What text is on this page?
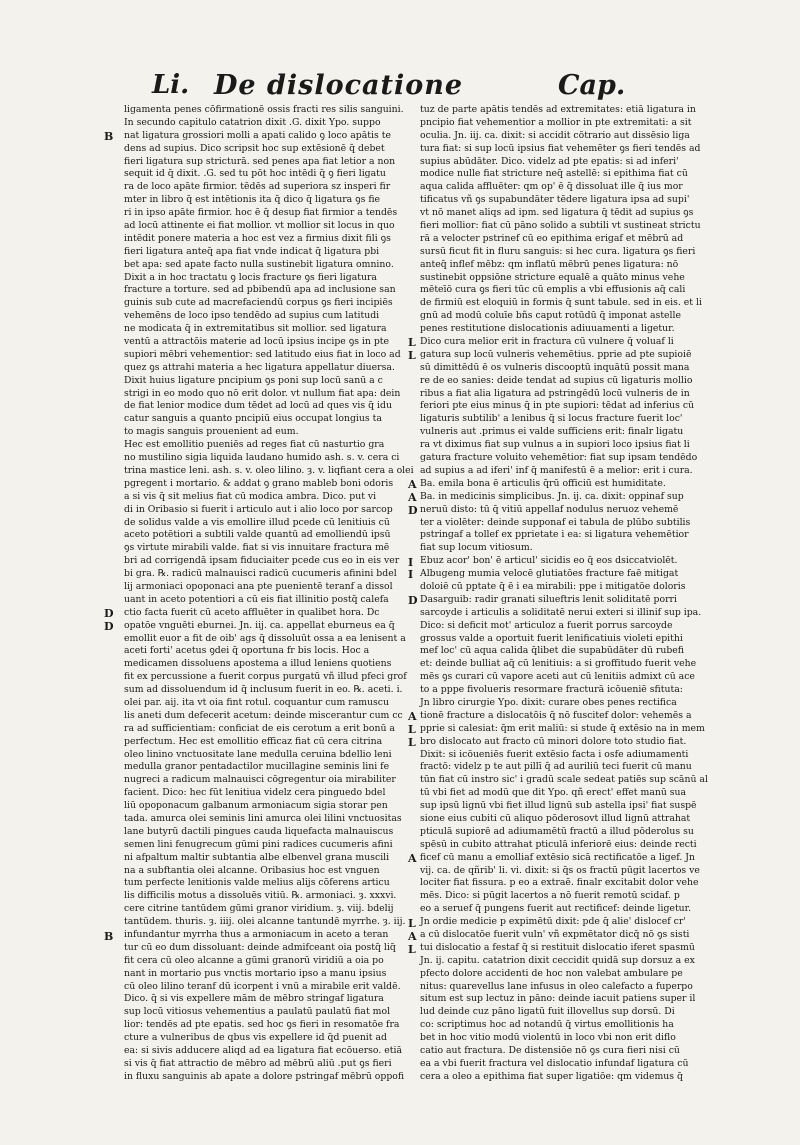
Li. De dislocatione	Cap.
ligamenta penes cōfirmationē ossis fracti res silis sanguini.
In secundo capitulo catatrion dixit .G. dixit Ypo. suppo
nat ligatura grossiori molli a apati calido ꝯ loco apātis te
dens ad supius. Dico scripsit hoc sup extēsionē q̄ debet
fieri ligatura sup stricturā. sed penes apa fiat letior a non
sequit id q̄ dixit. .G. sed tu pōt hoc intēdi q̄ ꝯ fieri ligatu
ra de loco apāte firmior. tēdēs ad superiora sz insperi fir
mter in libro q̄ est intētionis ita q̄ dico q̄ ligatura ꝯs fie
ri in ipso apāte firmior. hoc ē q̄ desup fiat firmior a tendēs
ad locū attinente ei fiat mollior. vt mollior sit locus in quo
intēdit ponere materia a hoc est vez a firmius dixit fili ꝯs
fieri ligatura anteq̄ apa fiat vnde indicat q̄ ligatura pbi
bet apa: sed apate facto nulla sustinebit ligatura omnino.
Dixit a in hoc tractatu ꝯ locis fracture ꝯs fieri ligatura
fracture a torture. sed ad pbibendū apa ad inclusione san
guinis sub cute ad macrefaciendū corpus ꝯs fieri incipiēs
vehemēns de loco ipso tendēdo ad supius cum latitudi
ne modicata q̄ in extremitatibus sit mollior. sed ligatura
ventū a attractōis materie ad locū ipsius incipe ꝯs in pte
supiori mēbri vehementior: sed latitudo eius fiat in loco ad
quez ꝯs attrahi materia a hec ligatura appellatur diuersa.
Dixit huius ligature pncipium ꝯs poni sup locū sanū a c
strigi in eo modo quo nō erit dolor. vt nullum fiat apa: dein
de fiat lenior modice dum tēdet ad locū ad ques vis q̄ idu
catur sanguis a quanto pncipiū eius occupat longius ta
to magis sanguis prouenient ad eum.
Hec est emollitio pueniēs ad reges fiat cū nasturtio gra
no mustilino sigia liquida laudano humido ash. s. v. cera ci
trina mastice leni. ash. s. v. oleo lilino. ȝ. v. liqfiant cera a olei
pgregent i mortario. & addat ꝯ grano mableb boni odoris
a si vis q̄ sit melius fiat cū modica ambra. Dico. put vi
di in Oribasio si fuerit i articulo aut i alio loco por sarcop
de solidus valde a vis emollire illud pcede cū lenitiuis cū
aceto potētiori a subtili valde quantū ad emolliendū ipsū
ꝯs virtute mirabili valde. fiat si vis innuitare fractura mē
bri ad corrigendā ipsam fiduciaiter pcede cus eo in eis ver
bi gra. ℞. radicū malnauisci radicū cucumeris afinini bdel
lij armoniaci opoponaci ana pte puenientē teranf a dissol
uant in aceto potentiori a cū eis fiat illinitio postq̄ calefa
ctio facta fuerit cū aceto affluēter in qualibet hora. Dc
opatōe vnguēti eburnei. Jn. iij. ca. appellat eburneus ea q̄
emollit euor a fit de oib' ags q̄ dissoluūt ossa a ea lenisent a
aceti forti' acetus ꝯdei q̄ oportuna fr bis locis. Hoc a
medicamen dissoluens apostema a illud leniens quotiens
fit ex percussione a fuerit corpus purgatū vñ illud pfeci grof
sum ad dissoluendum id q̄ inclusum fuerit in eo. ℞. aceti. i.
olei par. aij. ita vt oia fint rotul. coquantur cum ramuscu
lis aneti dum defecerit acetum: deinde miscerantur cum cc
ra ad sufficientiam: conficiat de eis cerotum a erit bonū a
perfectum. Hec est emollitio efficaz fiat cū cera citrina
oleo linino vnctuositate lane medulla ceruina bdellio leni
medulla granor pentadactilor mucillagine seminis lini fe
nugreci a radicum malnauisci cōgregentur oia mirabiliter
facient. Dico: hec fūt lenitiua videlz cera pinguedo bdel
liū opoponacum galbanum armoniacum sigia storar pen
tada. amurca olei seminis lini amurca olei lilini vnctuositas
lane butyrū dactili pingues cauda liquefacta malnauiscus
semen lini fenugrecum gūmi pini radices cucumeris afini
ni afpaltum maltir subtantia albe elbenvel grana muscili
na a subftantia olei alcanne. Oribasius hoc est vnguen
tum perfecte lenitionis valde melius alijs cōferens articu
lis difficilis motus a dissoluēs vitiū. ℞. armoniaci. ȝ. xxxvi.
cere citrine tantūdem gūmi granor viridium. ȝ. viij. bdelij
tantūdem. thuris. ȝ. iiij. olei alcanne tantundē myrrhe. ȝ. iij.
infundantur myrrha thus a armoniacum in aceto a teran
tur cū eo dum dissoluant: deinde admifceant oia postq̄ liq̄
fit cera cū oleo alcanne a gūmi granorū viridiū a oia po
nant in mortario pus vnctis mortario ipso a manu ipsius
cū oleo lilino teranf dū icorpent i vnū a mirabile erit valdē.
Dico. q̄ si vis expellere mām de mēbro stringaf ligatura
sup locū vitiosus vehementius a paulatū paulatū fiat mol
lior: tendēs ad pte epatis. sed hoc ꝯs fieri in resomatōe fra
cture a vulneribus de qbus vis expellere id q̄d puenit ad
ea: si sivis adducere aliqd ad ea ligatura fiat ecōuerso. etiā
si vis q̄ fiat attractio de mēbro ad mēbrū aliū .put ꝯs fieri
in fluxu sanguinis ab apate a dolore pstringaf mēbrū oppofi
tuz de parte apātis tendēs ad extremitates: etiā ligatura in
pncipio fiat vehementior a mollior in pte extremitati: a sit
oculia. Jn. iij. ca. dixit: si accidit cōtrario aut dissēsio liga
tura fiat: si sup locū ipsius fiat vehemēter ꝯs fieri tendēs ad
supius abūdāter. Dico. videlz ad pte epatis: si ad inferi'
modice nulle fiat stricture neq̄ astellē: si epithima fiat cū
aqua calida affluēter: qm op' ē q̄ dissoluat ille q̄ ius mor
tificatus vñ ꝯs supabundāter tēdere ligatura ipsa ad supi'
vt nō manet aliqs ad ipm. sed ligatura q̄ tēdit ad supius ꝯs
fieri mollior: fiat cū pāno solido a subtili vt sustineat strictu
rā a velocter pstrinef cū eo epithima erigaf et mēbrū ad
sursū ficut fit in fluru sanguis: si hec cura. ligatura ꝯs fieri
anteq̄ inflef mēbz: qm inflatū mēbrū penes ligatura: nō
sustinebit oppsiōne stricture equalē a quāto minus vehe
mēteīō cura ꝯs fieri tūc cū emplis a vbi effusionis aq̄ cali
de firmiū est eloquiū in formis q̄ sunt tabule. sed in eis. et li
gnū ad modū coluīe bñs caput rotūdū q̄ imponat astelle
penes restitutione dislocationis adiuuamenti a ligetur.
Dico cura melior erit in fractura cū vulnere q̄ voluaf li
gatura sup locū vulneris vehemētius. pprie ad pte supioiē
sū dimittēdū ē os vulneris discooptū inquātū possit mana
re de eo sanies: deide tendat ad supius cū ligaturis mollio
ribus a fiat alia ligatura ad pstringēdū locū vulneris de in
feriori pte eius minus q̄ in pte supiori: tēdat ad inferius cū
ligaturis subtilib' a lenibus q̄ si locus fracture fuerit loc'
vulneris aut .primus ei valde sufficiens erit: finalr ligatu
ra vt diximus fiat sup vulnus a in supiori loco ipsius fiat li
gatura fracture voluito vehemētior: fiat sup ipsam tendēdo
ad supius a ad iferi' inf q̄ manifestū ē a melior: erit i cura.
Ba. emila bona ē articulis q̄rū officiū est humiditate.
Ba. in medicinis simplicibus. Jn. ij. ca. dixit: oppinaf sup
neruū disto: tū q̄ vitiū appellaf nodulus neruoz vehemē
ter a violēter: deinde supponaf ei tabula de plūbo subtilis
pstringaf a tollef ex pprietate i ea: si ligatura vehemētior
fiat sup locum vitiosum.
Ebuz acor' bon' ē articul' sicidis eo q̄ eos dsiccatviolēt.
Albugeng mumia velocē glutiatōes fracture faē mitigat
doloiē cū pptate q̄ ē i ea mirabili: ppe i mitigatōe doloris
Dasarguib: radir granati silueftris lenit soliditatē porri
sarcoyde i articulis a soliditatē nerui exteri si illinif sup ipa.
Dico: si deficit mot' articuloz a fuerit porrus sarcoyde
grossus valde a oportuit fuerit lenificatiuis violeti epithi
mef loc' cū aqua calida q̄libet die supabūdāter dū rubefi
et: deinde bulliat aq̄ cū lenitiuis: a si groffitudo fuerit vehe
mēs ꝯs curari cū vapore aceti aut cū lenitiis admixt cū ace
to a pppe fivolueris resormare fracturā icōueniē sfituta:
Jn libro cirurgie Ypo. dixit: curare obes penes rectifica
tionē fracture a dislocatōis q̄ nō fuscitef dolor: vehemēs a
pprie si calesiat: q̄m erit maliū: si stude q̄ extēsio na in mem
bro dislocato aut fracto cū minori dolore toto studio fiat.
Dixit: si icōueniēs fuerit extēsio facta i osfe adiumamenti
fractō: videlz p te aut pillī q̄ ad auriliū teci fuerit cū manu
tūn fiat cū instro sic' i gradū scale sedeat patiēs sup scānū al
tū vbi fiet ad modū que dit Ypo. qñ erect' effet manū sua
sup ipsū lignū vbi fiet illud lignū sub astella ipsi' fiat suspē
sione eius cubiti cū aliquo pōderosovt illud lignū attrahat
pticulā supiorē ad adiumamētū fractū a illud pōderolus su
spēsū in cubito attrahat pticulā inferiorē eius: deinde recti
ficef cū manu a emolliaf extēsio sicā rectificatōe a ligef. Jn
vij. ca. de qñrib' li. vi. dixit: si q̄s os fractū pūgit lacertos ve
lociter fiat fissura. p eo a extraē. finalr excitabit dolor vehe
mēs. Dico: si pūgit lacertos a nō fuerit remotū scidaf. p
eo a seruef q̄ pungens fuerit aut rectificef: deinde ligetur.
Jn ordie medicie p expimētū dixit: pde q̄ alie' dislocef cr'
a cū dislocatōe fuerit vuln' vñ expmētator dicq̄ nō ꝯs sisti
tui dislocatio a festaf q̄ si restituit dislocatio iferet spasmū
Jn. ij. capitu. catatrion dixit ceccidit quidā sup dorsuz a ex
pfecto dolore accidenti de hoc non valebat ambulare pe
nitus: quarevellus lane infusus in oleo calefacto a fuperpo
situm est sup lectuz in pāno: deinde iacuit patiens super il
lud deinde cuz pāno ligatū fuit illovellus sup dorsū. Di
co: scriptimus hoc ad notandū q̄ virtus emollitionis ha
bet in hoc vitio modū violentū in loco vbi non erit diflo
catio aut fractura. De distensiōe nō ꝯs cura fieri nisi cū
ea a vbi fuerit fractura vel dislocatio infundaf ligatura cū
cera a oleo a epithima fiat super ligatiōe: qm videmus q̄
B
D
D
B
L
L
A
A
D
I
I
D
A
L
L
A
L
A
L
